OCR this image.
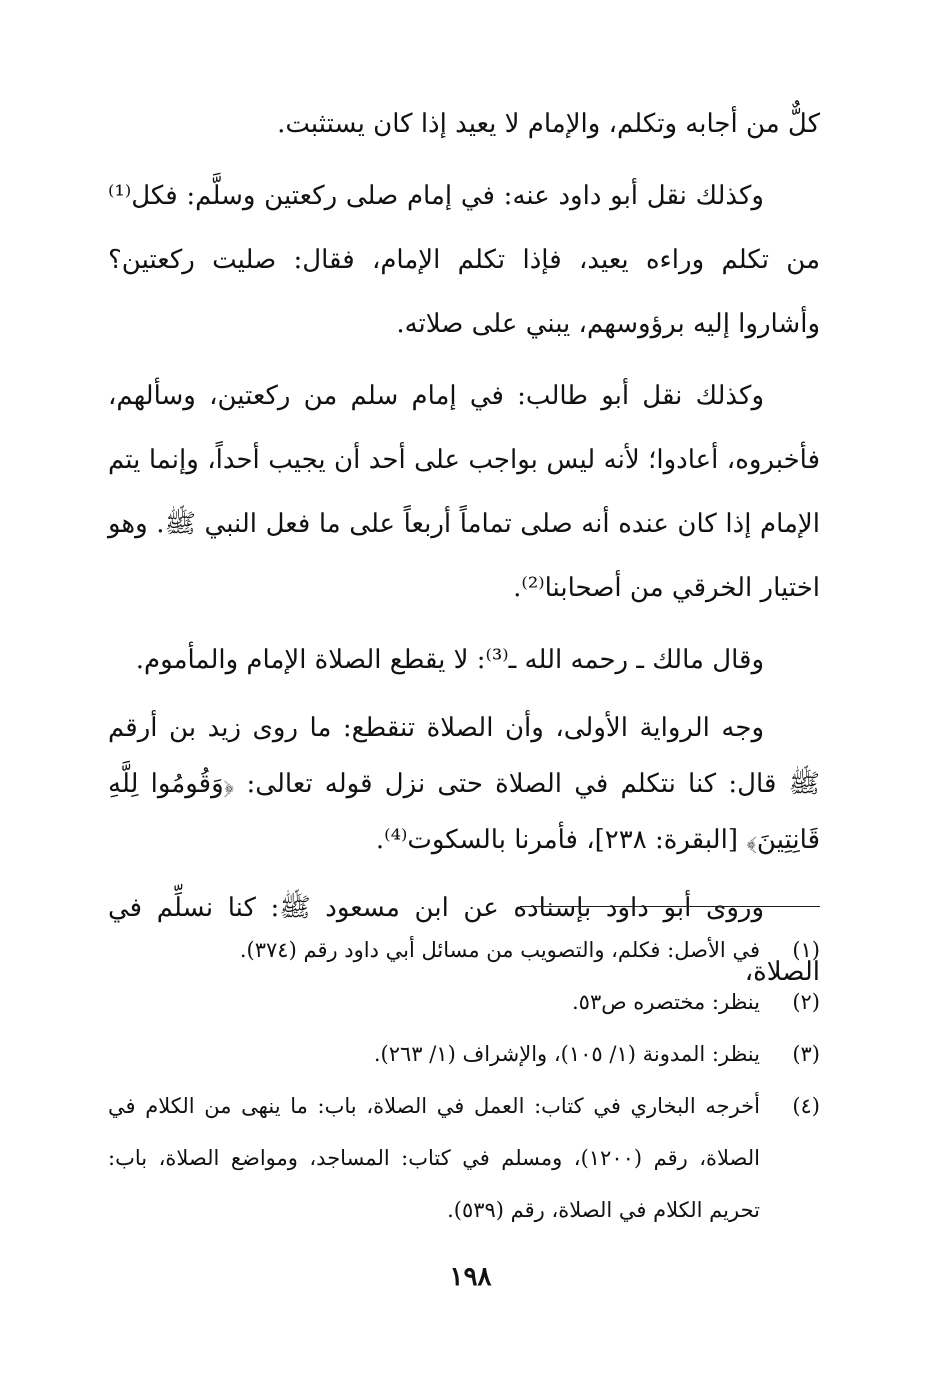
كلٌّ من أجابه وتكلم، والإمام لا يعيد إذا كان يستثبت.

وكذلك نقل أبو داود عنه: في إمام صلى ركعتين وسلَّم: فكل⁽¹⁾ من تكلم وراءه يعيد، فإذا تكلم الإمام، فقال: صليت ركعتين؟ وأشاروا إليه برؤوسهم، يبني على صلاته.

وكذلك نقل أبو طالب: في إمام سلم من ركعتين، وسألهم، فأخبروه، أعادوا؛ لأنه ليس بواجب على أحد أن يجيب أحداً، وإنما يتم الإمام إذا كان عنده أنه صلى تماماً أربعاً على ما فعل النبي ﷺ. وهو اختيار الخرقي من أصحابنا⁽²⁾.

وقال مالك ـ رحمه الله ـ⁽³⁾: لا يقطع الصلاة الإمام والمأموم.

وجه الرواية الأولى، وأن الصلاة تنقطع: ما روى زيد بن أرقم ﷺ قال: كنا نتكلم في الصلاة حتى نزل قوله تعالى: ﴿وَقُومُوا لِلَّهِ قَانِتِينَ﴾ [البقرة: ٢٣٨]، فأمرنا بالسكوت⁽⁴⁾.

وروى أبو داود بإسناده عن ابن مسعود ﷺ: كنا نسلِّم في الصلاة،

(١)
في الأصل: فكلم، والتصويب من مسائل أبي داود رقم (٣٧٤).
(٢)
ينظر: مختصره ص٥٣.
(٣)
ينظر: المدونة (١/ ١٠٥)، والإشراف (١/ ٢٦٣).
(٤)
أخرجه البخاري في كتاب: العمل في الصلاة، باب: ما ينهى من الكلام في الصلاة، رقم (١٢٠٠)، ومسلم في كتاب: المساجد، ومواضع الصلاة، باب: تحريم الكلام في الصلاة، رقم (٥٣٩).
١٩٨
